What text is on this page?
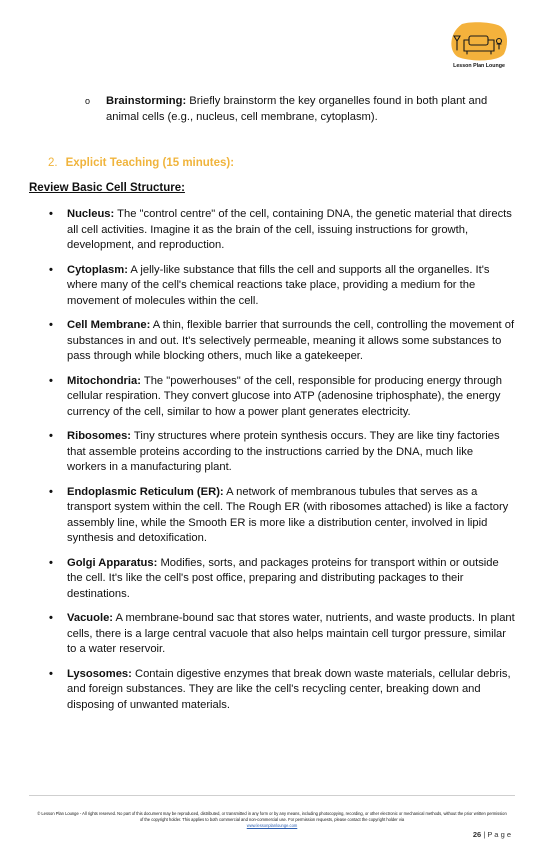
Lesson Plan Lounge
o	Brainstorming: Briefly brainstorm the key organelles found in both plant and animal cells (e.g., nucleus, cell membrane, cytoplasm).
2. Explicit Teaching (15 minutes):
Review Basic Cell Structure:
• Nucleus: The "control centre" of the cell, containing DNA, the genetic material that directs all cell activities. Imagine it as the brain of the cell, issuing instructions for growth, development, and reproduction.
• Cytoplasm: A jelly-like substance that fills the cell and supports all the organelles. It's where many of the cell's chemical reactions take place, providing a medium for the movement of molecules within the cell.
• Cell Membrane: A thin, flexible barrier that surrounds the cell, controlling the movement of substances in and out. It's selectively permeable, meaning it allows some substances to pass through while blocking others, much like a gatekeeper.
• Mitochondria: The "powerhouses" of the cell, responsible for producing energy through cellular respiration. They convert glucose into ATP (adenosine triphosphate), the energy currency of the cell, similar to how a power plant generates electricity.
• Ribosomes: Tiny structures where protein synthesis occurs. They are like tiny factories that assemble proteins according to the instructions carried by the DNA, much like workers in a manufacturing plant.
• Endoplasmic Reticulum (ER): A network of membranous tubules that serves as a transport system within the cell. The Rough ER (with ribosomes attached) is like a factory assembly line, while the Smooth ER is more like a distribution center, involved in lipid synthesis and detoxification.
• Golgi Apparatus: Modifies, sorts, and packages proteins for transport within or outside the cell. It's like the cell's post office, preparing and distributing packages to their destinations.
• Vacuole: A membrane-bound sac that stores water, nutrients, and waste products. In plant cells, there is a large central vacuole that also helps maintain cell turgor pressure, similar to a water reservoir.
• Lysosomes: Contain digestive enzymes that break down waste materials, cellular debris, and foreign substances. They are like the cell's recycling center, breaking down and disposing of unwanted materials.
© Lesson Plan Lounge - All rights reserved. No part of this document may be reproduced, distributed, or transmitted in any form or by any means, including photocopying, recording, or other electronic or mechanical methods, without the prior written permission of the copyright holder. This applies to both commercial and non-commercial use. For permission requests, please contact the copyright holder via
www.lessonplanlounge.com
26 | P a g e
